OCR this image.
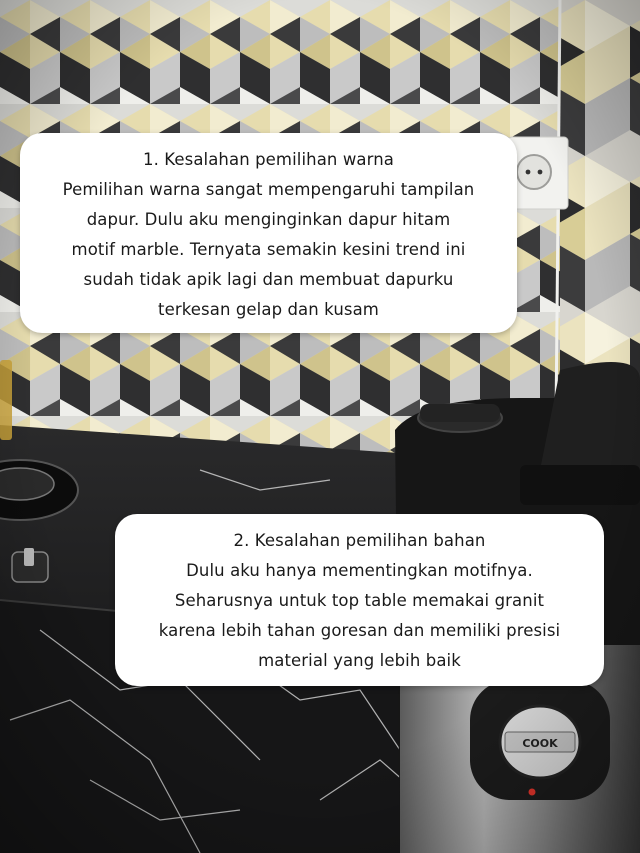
1. Kesalahan pemilihan warna
Pemilihan warna sangat mempengaruhi tampilan
dapur. Dulu aku menginginkan dapur hitam
motif marble. Ternyata semakin kesini trend ini
sudah tidak apik lagi dan membuat dapurku
terkesan gelap dan kusam
2. Kesalahan pemilihan bahan
Dulu aku hanya mementingkan motifnya.
Seharusnya untuk top table memakai granit
karena lebih tahan goresan dan memiliki presisi
material yang lebih baik
